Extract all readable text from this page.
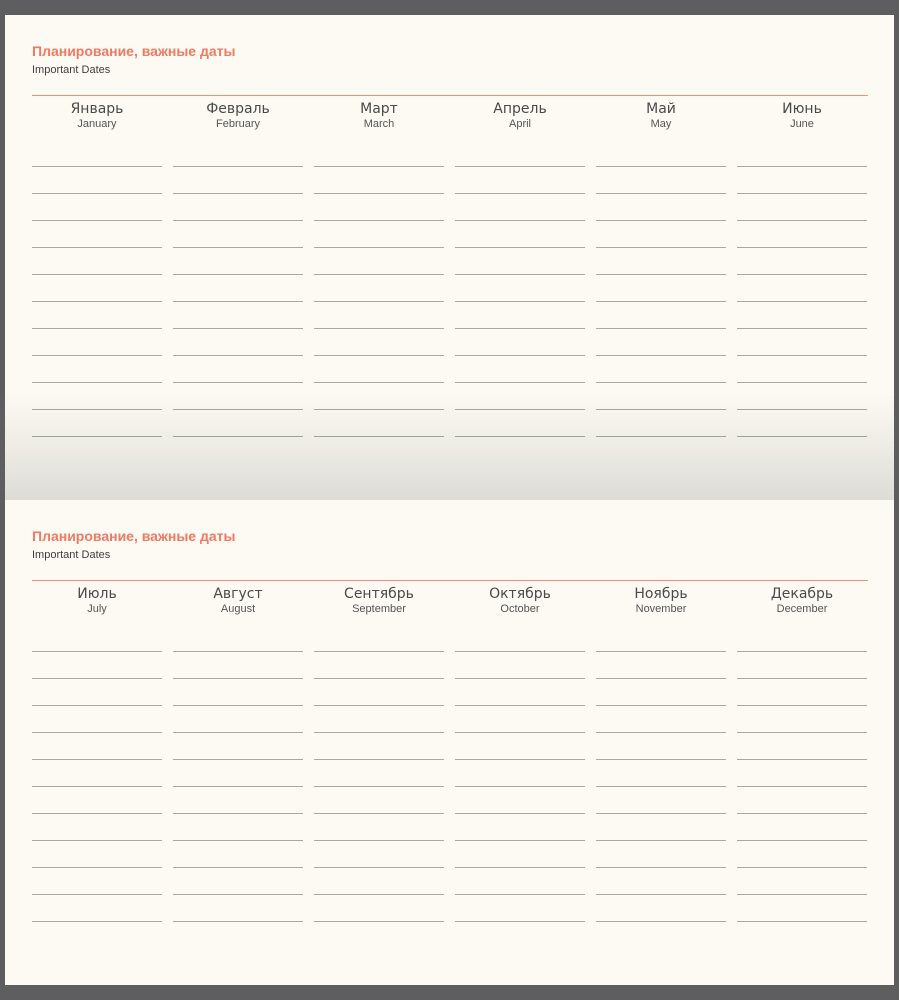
Планирование, важные даты
Important Dates
Январь
January
Февраль
February
Март
March
Апрель
April
Май
May
Июнь
June
Планирование, важные даты
Important Dates
Июль
July
Август
August
Сентябрь
September
Октябрь
October
Ноябрь
November
Декабрь
December
